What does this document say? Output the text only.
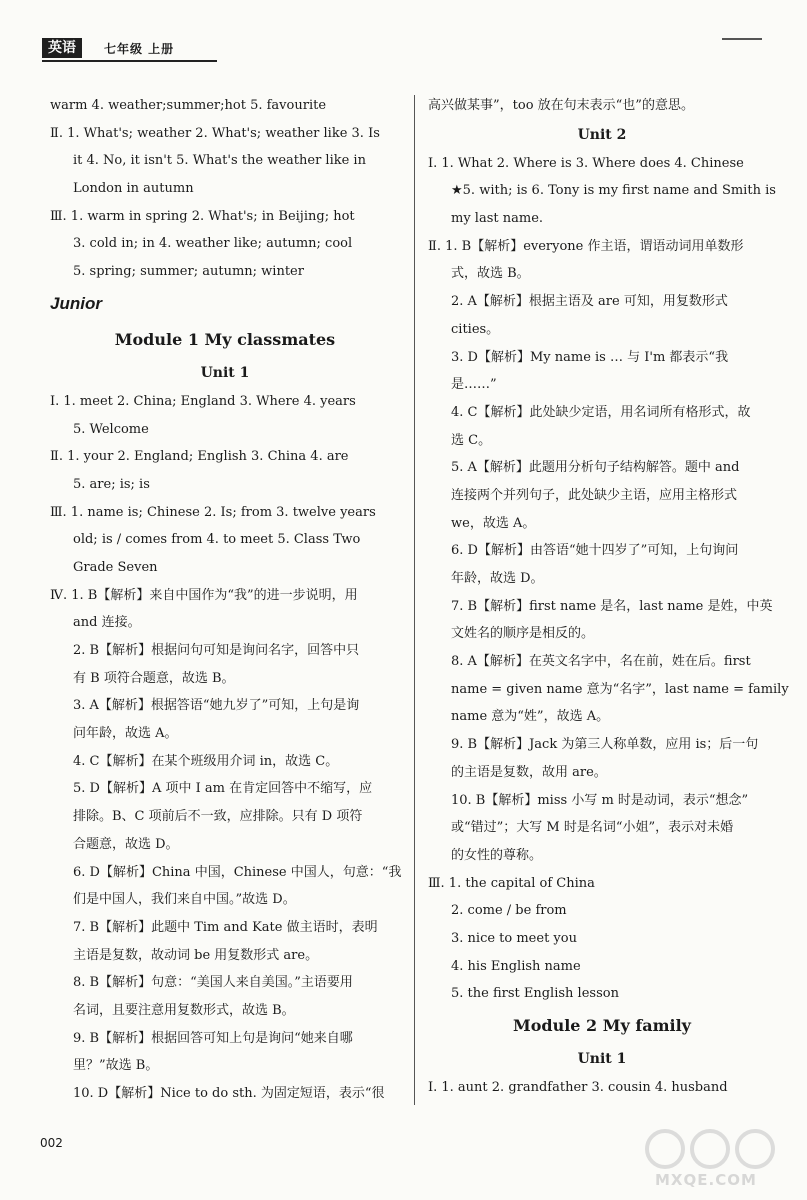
英语	七年级 上册
warm 4. weather;summer;hot 5. favourite
Ⅱ. 1. What's; weather 2. What's; weather like 3. Is
it 4. No, it isn't 5. What's the weather like in
London in autumn
Ⅲ. 1. warm in spring 2. What's; in Beijing; hot
3. cold in; in 4. weather like; autumn; cool
5. spring; summer; autumn; winter
Junior
Module 1 My classmates
Unit 1
Ⅰ. 1. meet 2. China; England 3. Where 4. years
5. Welcome
Ⅱ. 1. your 2. England; English 3. China 4. are
5. are; is; is
Ⅲ. 1. name is; Chinese 2. Is; from 3. twelve years
old; is / comes from 4. to meet 5. Class Two
Grade Seven
Ⅳ. 1. B【解析】来自中国作为“我”的进一步说明，用
and 连接。
2. B【解析】根据问句可知是询问名字，回答中只
有 B 项符合题意，故选 B。
3. A【解析】根据答语“她九岁了”可知，上句是询
问年龄，故选 A。
4. C【解析】在某个班级用介词 in，故选 C。
5. D【解析】A 项中 I am 在肯定回答中不缩写，应
排除。B、C 项前后不一致，应排除。只有 D 项符
合题意，故选 D。
6. D【解析】China 中国，Chinese 中国人，句意：“我
们是中国人，我们来自中国。”故选 D。
7. B【解析】此题中 Tim and Kate 做主语时，表明
主语是复数，故动词 be 用复数形式 are。
8. B【解析】句意：“美国人来自美国。”主语要用
名词，且要注意用复数形式，故选 B。
9. B【解析】根据回答可知上句是询问“她来自哪
里？”故选 B。
10. D【解析】Nice to do sth. 为固定短语，表示“很
高兴做某事”，too 放在句末表示“也”的意思。
Unit 2
Ⅰ. 1. What 2. Where is 3. Where does 4. Chinese
★5. with; is 6. Tony is my first name and Smith is
my last name.
Ⅱ. 1. B【解析】everyone 作主语，谓语动词用单数形
式，故选 B。
2. A【解析】根据主语及 are 可知，用复数形式
cities。
3. D【解析】My name is … 与 I'm 都表示“我
是……”
4. C【解析】此处缺少定语，用名词所有格形式，故
选 C。
5. A【解析】此题用分析句子结构解答。题中 and
连接两个并列句子，此处缺少主语，应用主格形式
we，故选 A。
6. D【解析】由答语“她十四岁了”可知，上句询问
年龄，故选 D。
7. B【解析】first name 是名，last name 是姓，中英
文姓名的顺序是相反的。
8. A【解析】在英文名字中，名在前，姓在后。first
name = given name 意为“名字”，last name = family
name 意为“姓”，故选 A。
9. B【解析】Jack 为第三人称单数，应用 is；后一句
的主语是复数，故用 are。
10. B【解析】miss 小写 m 时是动词，表示“想念”
或“错过”；大写 M 时是名词“小姐”，表示对未婚
的女性的尊称。
Ⅲ. 1. the capital of China
2. come / be from
3. nice to meet you
4. his English name
5. the first English lesson
Module 2 My family
Unit 1
Ⅰ. 1. aunt 2. grandfather 3. cousin 4. husband
002
MXQE.COM
